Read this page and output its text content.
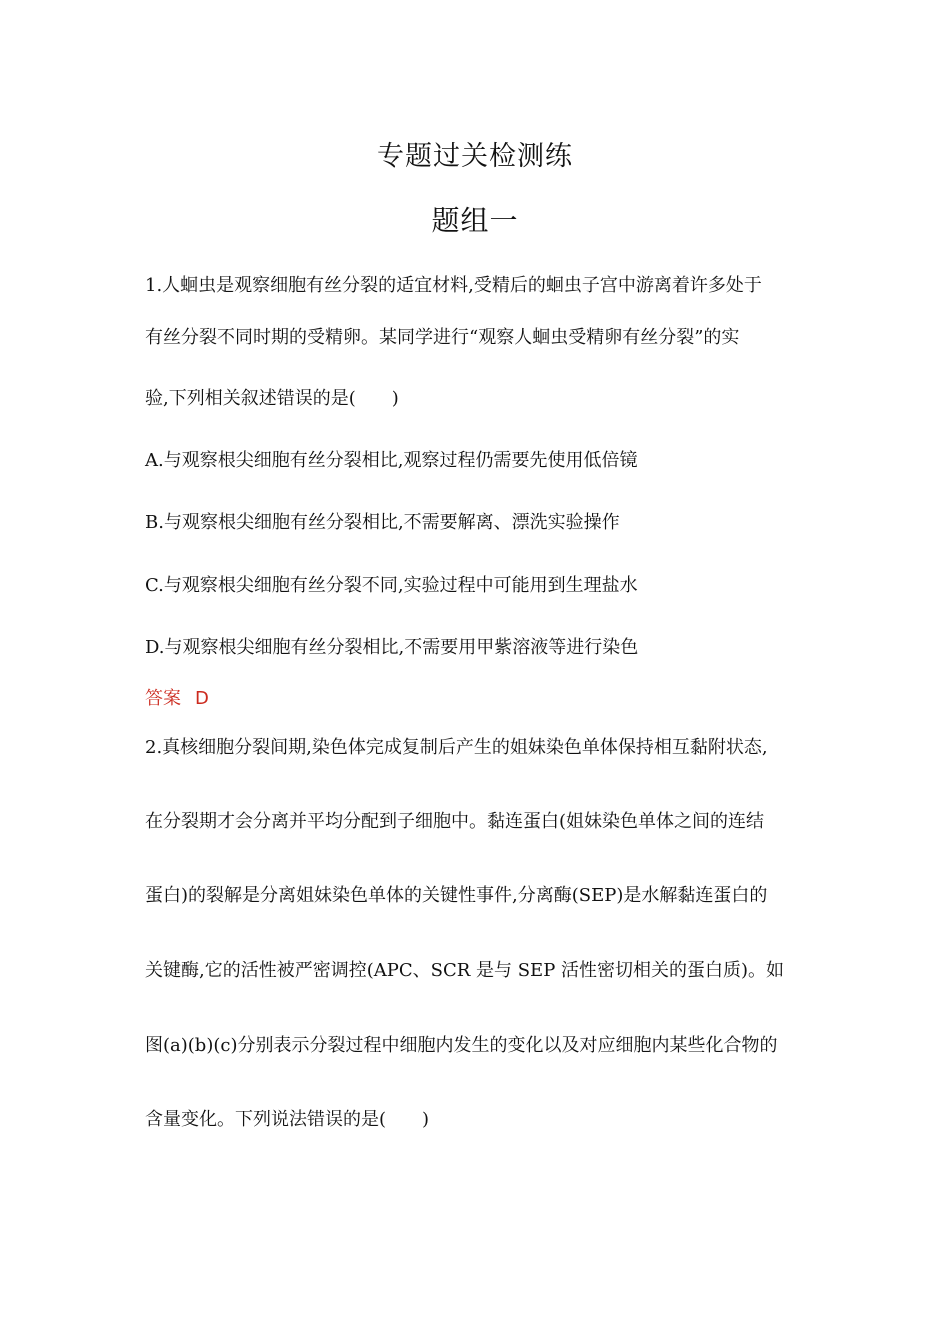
专题过关检测练
题组一
1.人蛔虫是观察细胞有丝分裂的适宜材料,受精后的蛔虫子宫中游离着许多处于
有丝分裂不同时期的受精卵。某同学进行“观察人蛔虫受精卵有丝分裂”的实
验,下列相关叙述错误的是(　　)
A.与观察根尖细胞有丝分裂相比,观察过程仍需要先使用低倍镜
B.与观察根尖细胞有丝分裂相比,不需要解离、漂洗实验操作
C.与观察根尖细胞有丝分裂不同,实验过程中可能用到生理盐水
D.与观察根尖细胞有丝分裂相比,不需要用甲紫溶液等进行染色
答案 D
2.真核细胞分裂间期,染色体完成复制后产生的姐妹染色单体保持相互黏附状态,
在分裂期才会分离并平均分配到子细胞中。黏连蛋白(姐妹染色单体之间的连结
蛋白)的裂解是分离姐妹染色单体的关键性事件,分离酶(SEP)是水解黏连蛋白的
关键酶,它的活性被严密调控(APC、SCR 是与 SEP 活性密切相关的蛋白质)。如
图(a)(b)(c)分别表示分裂过程中细胞内发生的变化以及对应细胞内某些化合物的
含量变化。下列说法错误的是(　　)
